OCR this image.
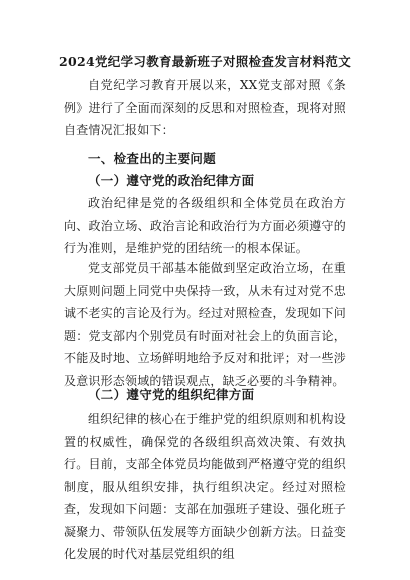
2024党纪学习教育最新班子对照检查发言材料范文

自党纪学习教育开展以来，XX党支部对照《条例》进行了全面而深刻的反思和对照检查，现将对照自查情况汇报如下：

一、检查出的主要问题
（一）遵守党的政治纪律方面

政治纪律是党的各级组织和全体党员在政治方向、政治立场、政治言论和政治行为方面必须遵守的行为准则，是维护党的团结统一的根本保证。

党支部党员干部基本能做到坚定政治立场，在重大原则问题上同党中央保持一致，从未有过对党不忠诚不老实的言论及行为。经过对照检查，发现如下问题：党支部内个别党员有时面对社会上的负面言论，不能及时地、立场鲜明地给予反对和批评；对一些涉及意识形态领域的错误观点，缺乏必要的斗争精神。

（二）遵守党的组织纪律方面

组织纪律的核心在于维护党的组织原则和机构设置的权威性，确保党的各级组织高效决策、有效执行。目前，支部全体党员均能做到严格遵守党的组织制度，服从组织安排，执行组织决定。经过对照检查，发现如下问题：支部在加强班子建设、强化班子凝聚力、带领队伍发展等方面缺少创新方法。日益变化发展的时代对基层党组织的组
